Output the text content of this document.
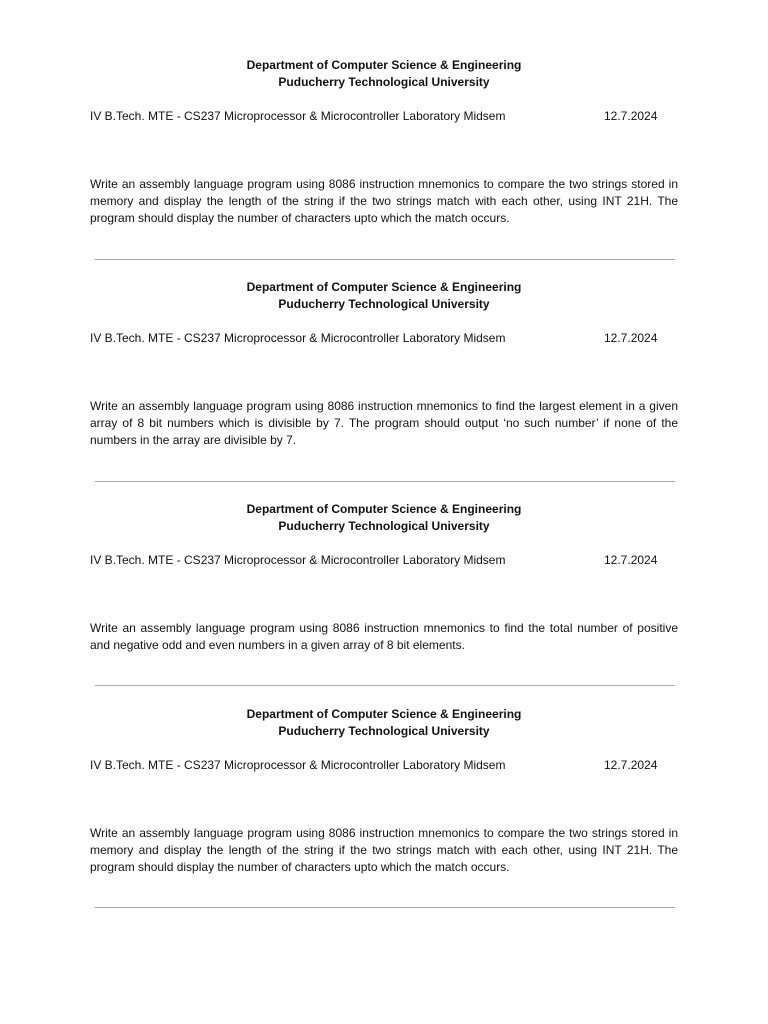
Department of Computer Science & Engineering
Puducherry Technological University
IV B.Tech. MTE - CS237 Microprocessor & Microcontroller Laboratory Midsem	12.7.2024
Write an assembly language program using 8086 instruction mnemonics to compare the two strings stored in memory and display the length of the string if the two strings match with each other, using INT 21H. The program should display the number of characters upto which the match occurs.
Department of Computer Science & Engineering
Puducherry Technological University
IV B.Tech. MTE - CS237 Microprocessor & Microcontroller Laboratory Midsem	12.7.2024
Write an assembly language program using 8086 instruction mnemonics to find the largest element in a given array of 8 bit numbers which is divisible by 7. The program should output ‘no such number’ if none of the numbers in the array are divisible by 7.
Department of Computer Science & Engineering
Puducherry Technological University
IV B.Tech. MTE - CS237 Microprocessor & Microcontroller Laboratory Midsem	12.7.2024
Write an assembly language program using 8086 instruction mnemonics to find the total number of positive and negative odd and even numbers in a given array of 8 bit elements.
Department of Computer Science & Engineering
Puducherry Technological University
IV B.Tech. MTE - CS237 Microprocessor & Microcontroller Laboratory Midsem	12.7.2024
Write an assembly language program using 8086 instruction mnemonics to compare the two strings stored in memory and display the length of the string if the two strings match with each other, using INT 21H. The program should display the number of characters upto which the match occurs.
